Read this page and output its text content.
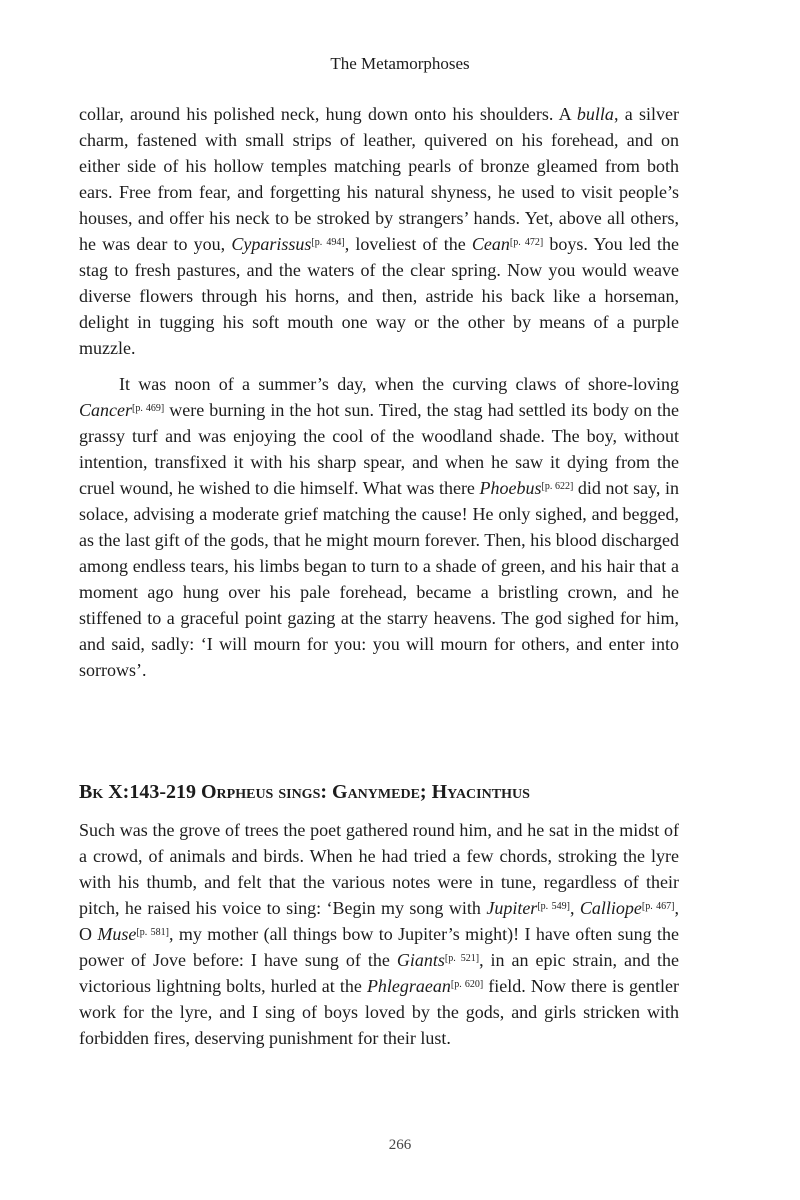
The Metamorphoses

collar, around his polished neck, hung down onto his shoulders. A bulla, a silver charm, fastened with small strips of leather, quivered on his forehead, and on either side of his hollow temples matching pearls of bronze gleamed from both ears. Free from fear, and forgetting his natural shyness, he used to visit people’s houses, and offer his neck to be stroked by strangers’ hands. Yet, above all others, he was dear to you, Cyparissus[p. 494], loveliest of the Cean[p. 472] boys. You led the stag to fresh pastures, and the waters of the clear spring. Now you would weave diverse flowers through his horns, and then, astride his back like a horseman, delight in tugging his soft mouth one way or the other by means of a purple muzzle.

It was noon of a summer’s day, when the curving claws of shore-loving Cancer[p. 469] were burning in the hot sun. Tired, the stag had settled its body on the grassy turf and was enjoying the cool of the woodland shade. The boy, without intention, transfixed it with his sharp spear, and when he saw it dying from the cruel wound, he wished to die himself. What was there Phoebus[p. 622] did not say, in solace, advising a moderate grief matching the cause! He only sighed, and begged, as the last gift of the gods, that he might mourn forever. Then, his blood discharged among endless tears, his limbs began to turn to a shade of green, and his hair that a moment ago hung over his pale forehead, became a bristling crown, and he stiffened to a graceful point gazing at the starry heavens. The god sighed for him, and said, sadly: ‘I will mourn for you: you will mourn for others, and enter into sorrows’.

Bk X:143-219 Orpheus sings: Ganymede; Hyacinthus

Such was the grove of trees the poet gathered round him, and he sat in the midst of a crowd, of animals and birds. When he had tried a few chords, stroking the lyre with his thumb, and felt that the various notes were in tune, regardless of their pitch, he raised his voice to sing: ‘Begin my song with Jupiter[p. 549], Calliope[p. 467], O Muse[p. 581], my mother (all things bow to Jupiter’s might)! I have often sung the power of Jove before: I have sung of the Giants[p. 521], in an epic strain, and the victorious lightning bolts, hurled at the Phlegraean[p. 620] field. Now there is gentler work for the lyre, and I sing of boys loved by the gods, and girls stricken with forbidden fires, deserving punishment for their lust.

266
